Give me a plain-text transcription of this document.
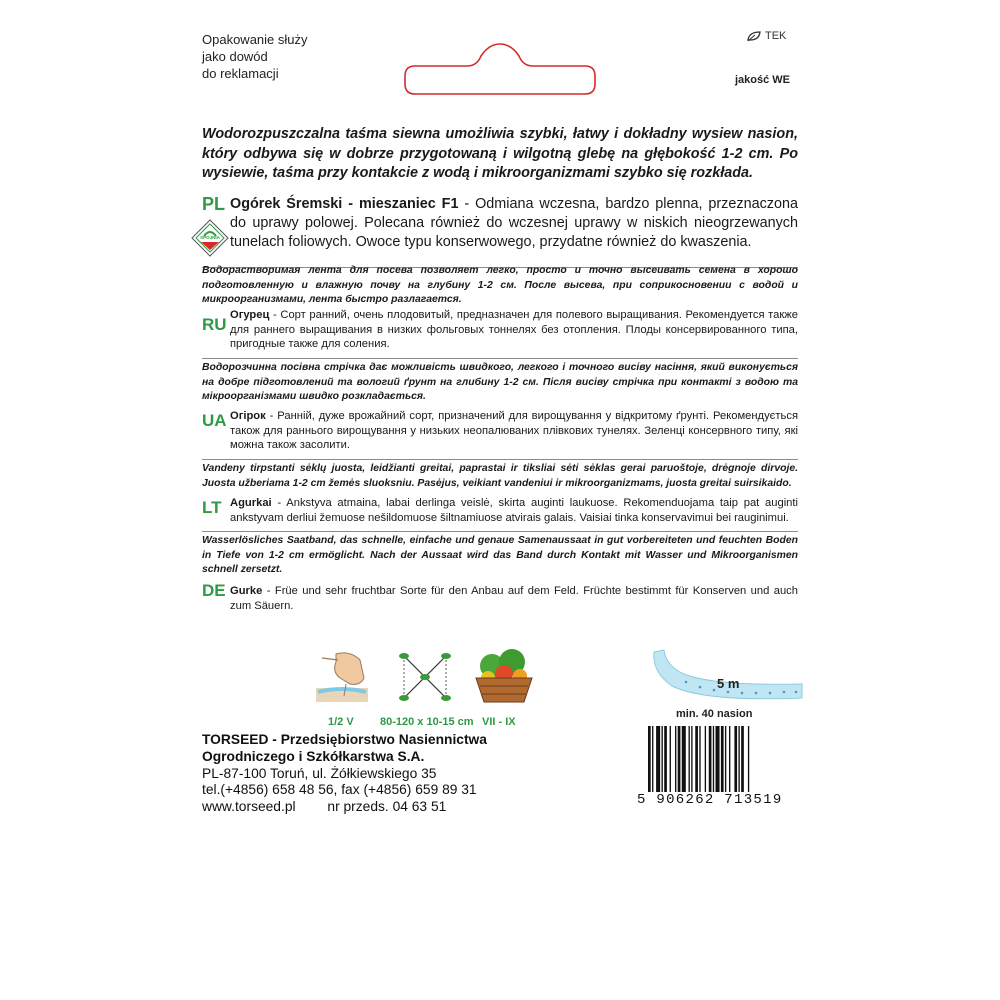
Opakowanie służy
jako dowód
do reklamacji
TEK
jakość WE
Wodorozpuszczalna taśma siewna umożliwia szybki, łatwy i dokładny wysiew nasion, który odbywa się w dobrze przygotowaną i wilgotną glebę na głębokość 1-2 cm. Po wysiewie, taśma przy kontakcie z wodą i mikroorganizmami szybko się rozkłada.
PL
SPOJNIA
Ogórek Śremski - mieszaniec F1 - Odmiana wczesna, bardzo plenna, przeznaczona do uprawy polowej. Polecana również do wczesnej uprawy w niskich nieogrzewanych tunelach foliowych. Owoce typu konserwowego, przydatne również do kwaszenia.
Водорастворимая лента для посева позволяет легко, просто и точно высеивать семена в хорошо подготовленную и влажную почву на глубину 1-2 см. После высева, при соприкосновении с водой и микроорганизмами, лента быстро разлагается.
RU Огурец - Сорт ранний, очень плодовитый, предназначен для полевого выращивания. Рекомендуется также для раннего выращивания в низких фольговых тоннелях без отопления. Плоды консервированного типа, пригодные также для соления.
Водорозчинна посівна стрічка дає можливість швидкого, легкого і точного висіву насіння, який виконується на добре підготовлений та вологий ґрунт на глибину 1-2 см. Після висіву стрічка при контакті з водою та мікроорганізмами швидко розкладається.
UA Огірок - Ранній, дуже врожайний сорт, призначений для вирощування у відкритому ґрунті. Рекомендується також для раннього вирощування у низьких неопалюваних плівкових тунелях. Зеленці консервного типу, які можна також засолити.
Vandeny tirpstanti sėklų juosta, leidžianti greitai, paprastai ir tiksliai sėti sėklas gerai paruoštoje, drėgnoje dirvoje. Juosta užberiama 1-2 cm žemės sluoksniu. Pasėjus, veikiant vandeniui ir mikroorganizmams, juosta greitai suirsikaido.
LT Agurkai - Ankstyva atmaina, labai derlinga veislė, skirta auginti laukuose. Rekomenduojama taip pat auginti ankstyvam derliui žemuose nešildomuose šiltnamiuose atvirais galais. Vaisiai tinka konservavimui bei rauginimui.
Wasserlösliches Saatband, das schnelle, einfache und genaue Samenaussaat in gut vorbereiteten und feuchten Boden in Tiefe von 1-2 cm ermöglicht. Nach der Aussaat wird das Band durch Kontakt mit Wasser und Mikroorganismen schnell zersetzt.
DE Gurke - Früe und sehr fruchtbar Sorte für den Anbau auf dem Feld. Früchte bestimmt für Konserven und auch zum Säuern.
1/2 V 80-120 x 10-15 cm VII - IX
5 m
min. 40 nasion
TORSEED - Przedsiębiorstwo Nasiennictwa
Ogrodniczego i Szkółkarstwa S.A.
PL-87-100 Toruń, ul. Żółkiewskiego 35
tel.(+4856) 658 48 56, fax (+4856) 659 89 31
www.torseed.pl nr przeds. 04 63 51	5 906262 713519
